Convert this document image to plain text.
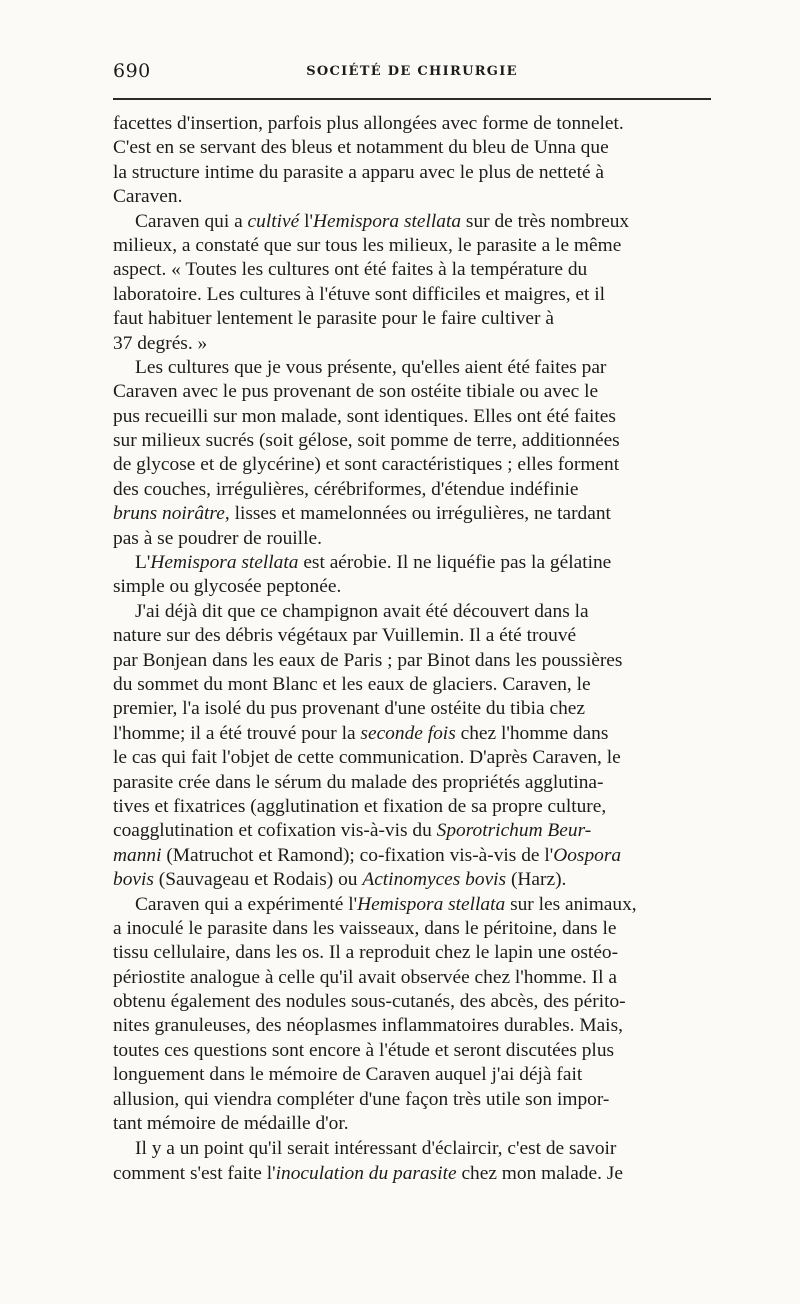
690	SOCIÉTÉ DE CHIRURGIE
facettes d'insertion, parfois plus allongées avec forme de tonnelet.
C'est en se servant des bleus et notamment du bleu de Unna que
la structure intime du parasite a apparu avec le plus de netteté à
Caraven.
Caraven qui a cultivé l'Hemispora stellata sur de très nombreux
milieux, a constaté que sur tous les milieux, le parasite a le même
aspect. « Toutes les cultures ont été faites à la température du
laboratoire. Les cultures à l'étuve sont difficiles et maigres, et il
faut habituer lentement le parasite pour le faire cultiver à
37 degrés. »
Les cultures que je vous présente, qu'elles aient été faites par
Caraven avec le pus provenant de son ostéite tibiale ou avec le
pus recueilli sur mon malade, sont identiques. Elles ont été faites
sur milieux sucrés (soit gélose, soit pomme de terre, additionnées
de glycose et de glycérine) et sont caractéristiques ; elles forment
des couches, irrégulières, cérébriformes, d'étendue indéfinie
bruns noirâtre, lisses et mamelonnées ou irrégulières, ne tardant
pas à se poudrer de rouille.
L'Hemispora stellata est aérobie. Il ne liquéfie pas la gélatine
simple ou glycosée peptonée.
J'ai déjà dit que ce champignon avait été découvert dans la
nature sur des débris végétaux par Vuillemin. Il a été trouvé
par Bonjean dans les eaux de Paris ; par Binot dans les poussières
du sommet du mont Blanc et les eaux de glaciers. Caraven, le
premier, l'a isolé du pus provenant d'une ostéite du tibia chez
l'homme; il a été trouvé pour la seconde fois chez l'homme dans
le cas qui fait l'objet de cette communication. D'après Caraven, le
parasite crée dans le sérum du malade des propriétés agglutina-
tives et fixatrices (agglutination et fixation de sa propre culture,
coagglutination et cofixation vis-à-vis du Sporotrichum Beur-
manni (Matruchot et Ramond); co-fixation vis-à-vis de l'Oospora
bovis (Sauvageau et Rodais) ou Actinomyces bovis (Harz).
Caraven qui a expérimenté l'Hemispora stellata sur les animaux,
a inoculé le parasite dans les vaisseaux, dans le péritoine, dans le
tissu cellulaire, dans les os. Il a reproduit chez le lapin une ostéo-
périostite analogue à celle qu'il avait observée chez l'homme. Il a
obtenu également des nodules sous-cutanés, des abcès, des périto-
nites granuleuses, des néoplasmes inflammatoires durables. Mais,
toutes ces questions sont encore à l'étude et seront discutées plus
longuement dans le mémoire de Caraven auquel j'ai déjà fait
allusion, qui viendra compléter d'une façon très utile son impor-
tant mémoire de médaille d'or.
Il y a un point qu'il serait intéressant d'éclaircir, c'est de savoir
comment s'est faite l'inoculation du parasite chez mon malade. Je
